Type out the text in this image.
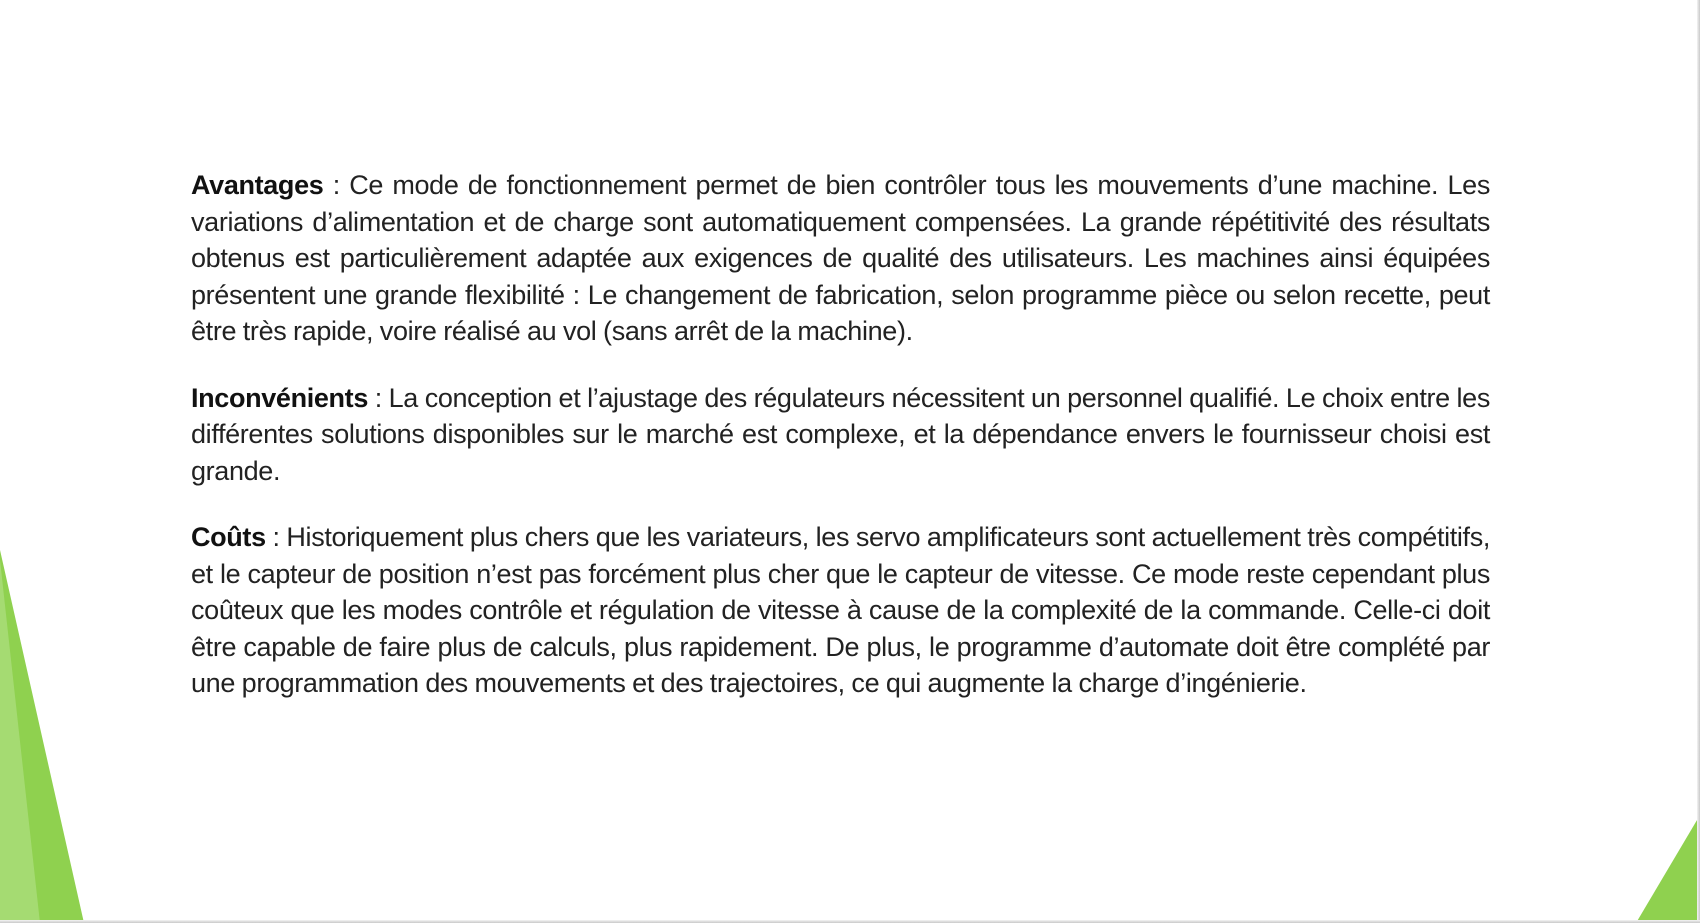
Avantages : Ce mode de fonctionnement permet de bien contrôler tous les mouvements d’une machine. Les variations d’alimentation et de charge sont automatiquement compensées. La grande répétitivité des résultats obtenus est particulièrement adaptée aux exigences de qualité des utilisateurs. Les machines ainsi équipées présentent une grande flexibilité : Le changement de fabrication, selon programme pièce ou selon recette, peut être très rapide, voire réalisé au vol (sans arrêt de la machine).

Inconvénients : La conception et l’ajustage des régulateurs nécessitent un personnel qualifié. Le choix entre les différentes solutions disponibles sur le marché est complexe, et la dépendance envers le fournisseur choisi est grande.

Coûts : Historiquement plus chers que les variateurs, les servo amplificateurs sont actuellement très compétitifs, et le capteur de position n’est pas forcément plus cher que le capteur de vitesse. Ce mode reste cependant plus coûteux que les modes contrôle et régulation de vitesse à cause de la complexité de la commande. Celle-ci doit être capable de faire plus de calculs, plus rapidement. De plus, le programme d’automate doit être complété par une programmation des mouvements et des trajectoires, ce qui augmente la charge d’ingénierie.
